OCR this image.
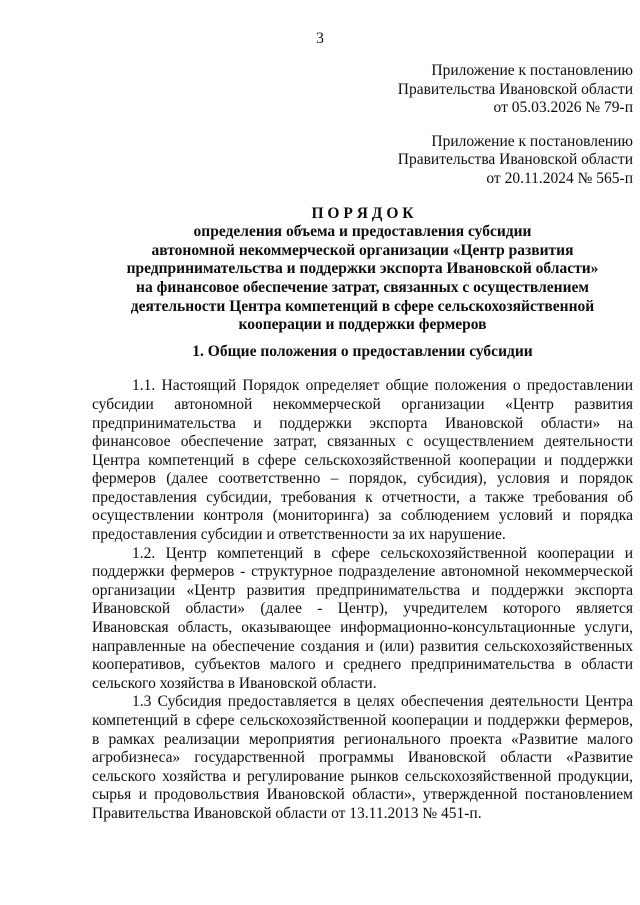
3
Приложение к постановлению
Правительства Ивановской области
от 05.03.2026 № 79-п
Приложение к постановлению
Правительства Ивановской области
от 20.11.2024 № 565-п
П О Р Я Д О К
определения объема и предоставления субсидии
автономной некоммерческой организации «Центр развития
предпринимательства и поддержки экспорта Ивановской области»
на финансовое обеспечение затрат, связанных с осуществлением
деятельности Центра компетенций в сфере сельскохозяйственной
кооперации и поддержки фермеров
1. Общие положения о предоставлении субсидии

1.1. Настоящий Порядок определяет общие положения о предоставлении субсидии автономной некоммерческой организации «Центр развития предпринимательства и поддержки экспорта Ивановской области» на финансовое обеспечение затрат, связанных с осуществлением деятельности Центра компетенций в сфере сельскохозяйственной кооперации и поддержки фермеров (далее соответственно – порядок, субсидия), условия и порядок предоставления субсидии, требования к отчетности, а также требования об осуществлении контроля (мониторинга) за соблюдением условий и порядка предоставления субсидии и ответственности за их нарушение.

1.2. Центр компетенций в сфере сельскохозяйственной кооперации и поддержки фермеров - структурное подразделение автономной некоммерческой организации «Центр развития предпринимательства и поддержки экспорта Ивановской области» (далее - Центр), учредителем которого является Ивановская область, оказывающее информационно-консультационные услуги, направленные на обеспечение создания и (или) развития сельскохозяйственных кооперативов, субъектов малого и среднего предпринимательства в области сельского хозяйства в Ивановской области.

1.3 Субсидия предоставляется в целях обеспечения деятельности Центра компетенций в сфере сельскохозяйственной кооперации и поддержки фермеров, в рамках реализации мероприятия регионального проекта «Развитие малого агробизнеса» государственной программы Ивановской области «Развитие сельского хозяйства и регулирование рынков сельскохозяйственной продукции, сырья и продовольствия Ивановской области», утвержденной постановлением Правительства Ивановской области от 13.11.2013 № 451-п.
